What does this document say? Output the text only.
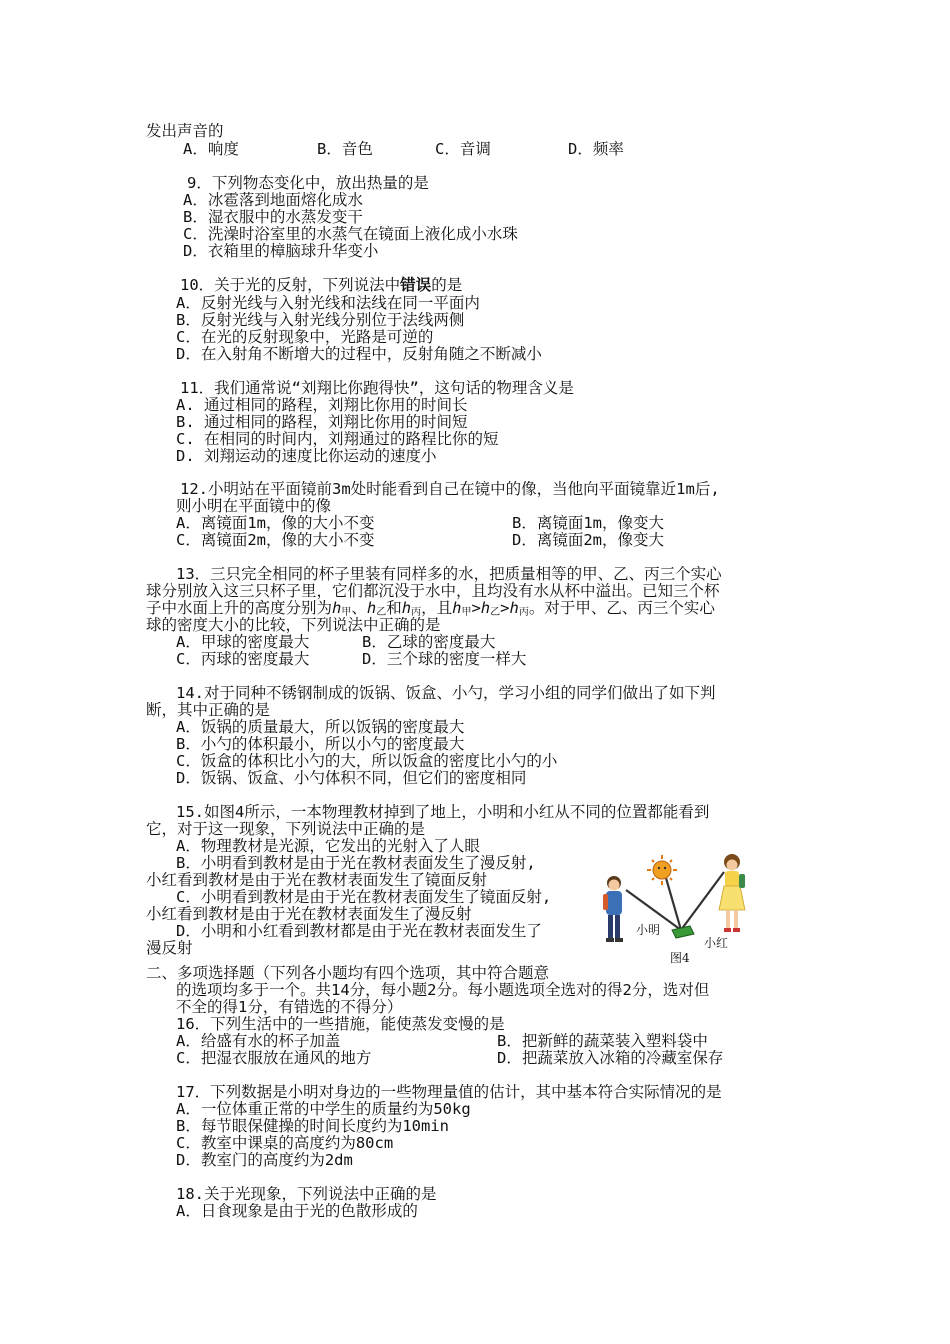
发出声音的
A．响度	B．音色	C．音调	D．频率
9．下列物态变化中，放出热量的是
A．冰雹落到地面熔化成水
B．湿衣服中的水蒸发变干
C．洗澡时浴室里的水蒸气在镜面上液化成小水珠
D．衣箱里的樟脑球升华变小
10．关于光的反射，下列说法中错误的是
A．反射光线与入射光线和法线在同一平面内
B．反射光线与入射光线分别位于法线两侧
C．在光的反射现象中，光路是可逆的
D．在入射角不断增大的过程中，反射角随之不断减小
11．我们通常说“刘翔比你跑得快”，这句话的物理含义是
A. 通过相同的路程，刘翔比你用的时间长
B. 通过相同的路程，刘翔比你用的时间短
C. 在相同的时间内，刘翔通过的路程比你的短
D. 刘翔运动的速度比你运动的速度小
12.小明站在平面镜前3m处时能看到自己在镜中的像，当他向平面镜靠近1m后,
则小明在平面镜中的像
A．离镜面1m，像的大小不变	B．离镜面1m，像变大
C．离镜面2m，像的大小不变	D．离镜面2m，像变大
13．三只完全相同的杯子里装有同样多的水，把质量相等的甲、乙、丙三个实心
球分别放入这三只杯子里，它们都沉没于水中，且均没有水从杯中溢出。已知三个杯
子中水面上升的高度分别为$h_甲$、$h_乙$和$h_丙$，且$h_甲>h_乙>h_丙$。对于甲、乙、丙三个实心
球的密度大小的比较，下列说法中正确的是
A．甲球的密度最大	B．乙球的密度最大
C．丙球的密度最大	D．三个球的密度一样大
14.对于同种不锈钢制成的饭锅、饭盒、小勺，学习小组的同学们做出了如下判
断，其中正确的是
A．饭锅的质量最大，所以饭锅的密度最大
B．小勺的体积最小，所以小勺的密度最大
C．饭盒的体积比小勺的大，所以饭盒的密度比小勺的小
D．饭锅、饭盒、小勺体积不同，但它们的密度相同
15.如图4所示，一本物理教材掉到了地上，小明和小红从不同的位置都能看到
它，对于这一现象，下列说法中正确的是
A．物理教材是光源，它发出的光射入了人眼
B．小明看到教材是由于光在教材表面发生了漫反射,
小红看到教材是由于光在教材表面发生了镜面反射
C．小明看到教材是由于光在教材表面发生了镜面反射,
小红看到教材是由于光在教材表面发生了漫反射
D．小明和小红看到教材都是由于光在教材表面发生了
漫反射
小明
小红
图4
二、多项选择题（下列各小题均有四个选项，其中符合题意
的选项均多于一个。共14分，每小题2分。每小题选项全选对的得2分，选对但
不全的得1分，有错选的不得分）
16．下列生活中的一些措施，能使蒸发变慢的是
A．给盛有水的杯子加盖	B．把新鲜的蔬菜装入塑料袋中
C．把湿衣服放在通风的地方	D．把蔬菜放入冰箱的冷藏室保存
17．下列数据是小明对身边的一些物理量值的估计，其中基本符合实际情况的是
A．一位体重正常的中学生的质量约为50kg
B．每节眼保健操的时间长度约为10min
C．教室中课桌的高度约为80cm
D．教室门的高度约为2dm
18.关于光现象，下列说法中正确的是
A．日食现象是由于光的色散形成的
